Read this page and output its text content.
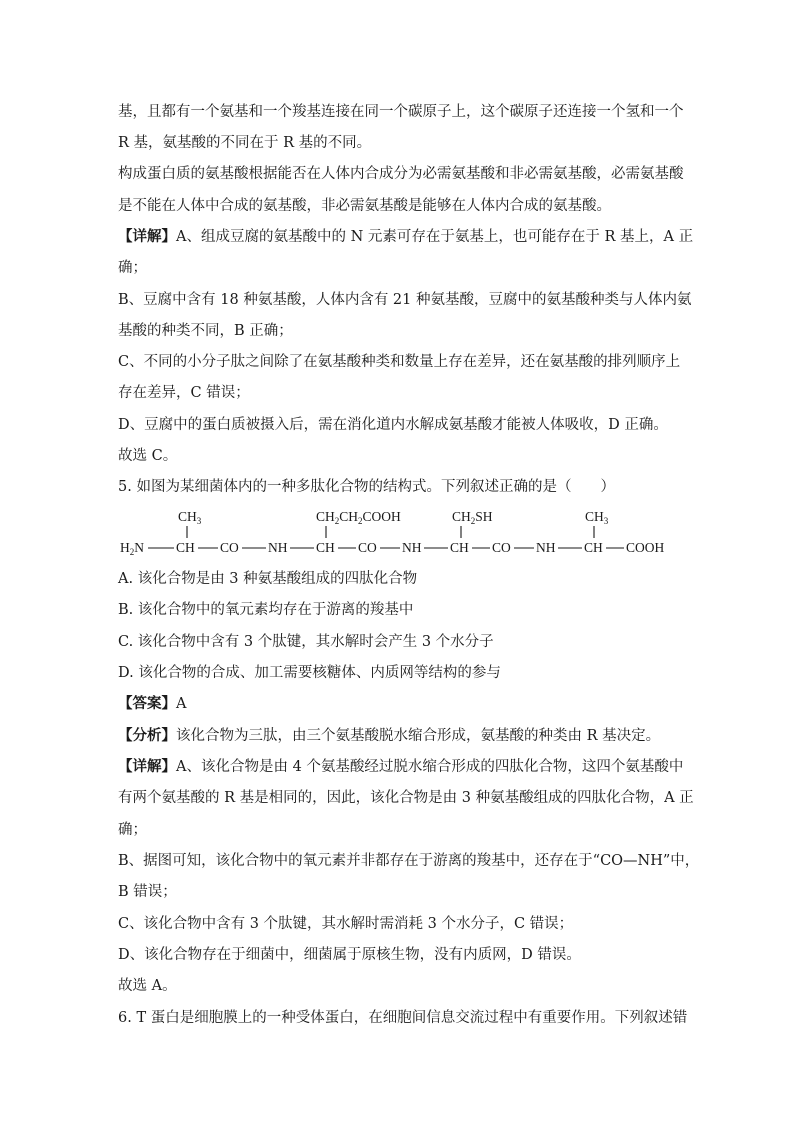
基，且都有一个氨基和一个羧基连接在同一个碳原子上，这个碳原子还连接一个氢和一个
R 基，氨基酸的不同在于 R 基的不同。
构成蛋白质的氨基酸根据能否在人体内合成分为必需氨基酸和非必需氨基酸，必需氨基酸
是不能在人体中合成的氨基酸，非必需氨基酸是能够在人体内合成的氨基酸。
【详解】A、组成豆腐的氨基酸中的 N 元素可存在于氨基上，也可能存在于 R 基上，A 正
确；
B、豆腐中含有 18 种氨基酸，人体内含有 21 种氨基酸，豆腐中的氨基酸种类与人体内氨
基酸的种类不同，B 正确；
C、不同的小分子肽之间除了在氨基酸种类和数量上存在差异，还在氨基酸的排列顺序上
存在差异，C 错误；
D、豆腐中的蛋白质被摄入后，需在消化道内水解成氨基酸才能被人体吸收，D 正确。
故选 C。
5. 如图为某细菌体内的一种多肽化合物的结构式。下列叙述正确的是（　　）
$CH_3$	$CH_2CH_2COOH$	$CH_2SH$	$CH_3$
$H_2N$ CH CO NH CH CO NH CH CO NH CH COOH
A. 该化合物是由 3 种氨基酸组成的四肽化合物
B. 该化合物中的氧元素均存在于游离的羧基中
C. 该化合物中含有 3 个肽键，其水解时会产生 3 个水分子
D. 该化合物的合成、加工需要核糖体、内质网等结构的参与
【答案】A
【分析】该化合物为三肽，由三个氨基酸脱水缩合形成，氨基酸的种类由 R 基决定。
【详解】A、该化合物是由 4 个氨基酸经过脱水缩合形成的四肽化合物，这四个氨基酸中
有两个氨基酸的 R 基是相同的，因此，该化合物是由 3 种氨基酸组成的四肽化合物，A 正
确；
B、据图可知，该化合物中的氧元素并非都存在于游离的羧基中，还存在于“CO—NH”中，
B 错误；
C、该化合物中含有 3 个肽键，其水解时需消耗 3 个水分子，C 错误；
D、该化合物存在于细菌中，细菌属于原核生物，没有内质网，D 错误。
故选 A。
6. T 蛋白是细胞膜上的一种受体蛋白，在细胞间信息交流过程中有重要作用。下列叙述错
